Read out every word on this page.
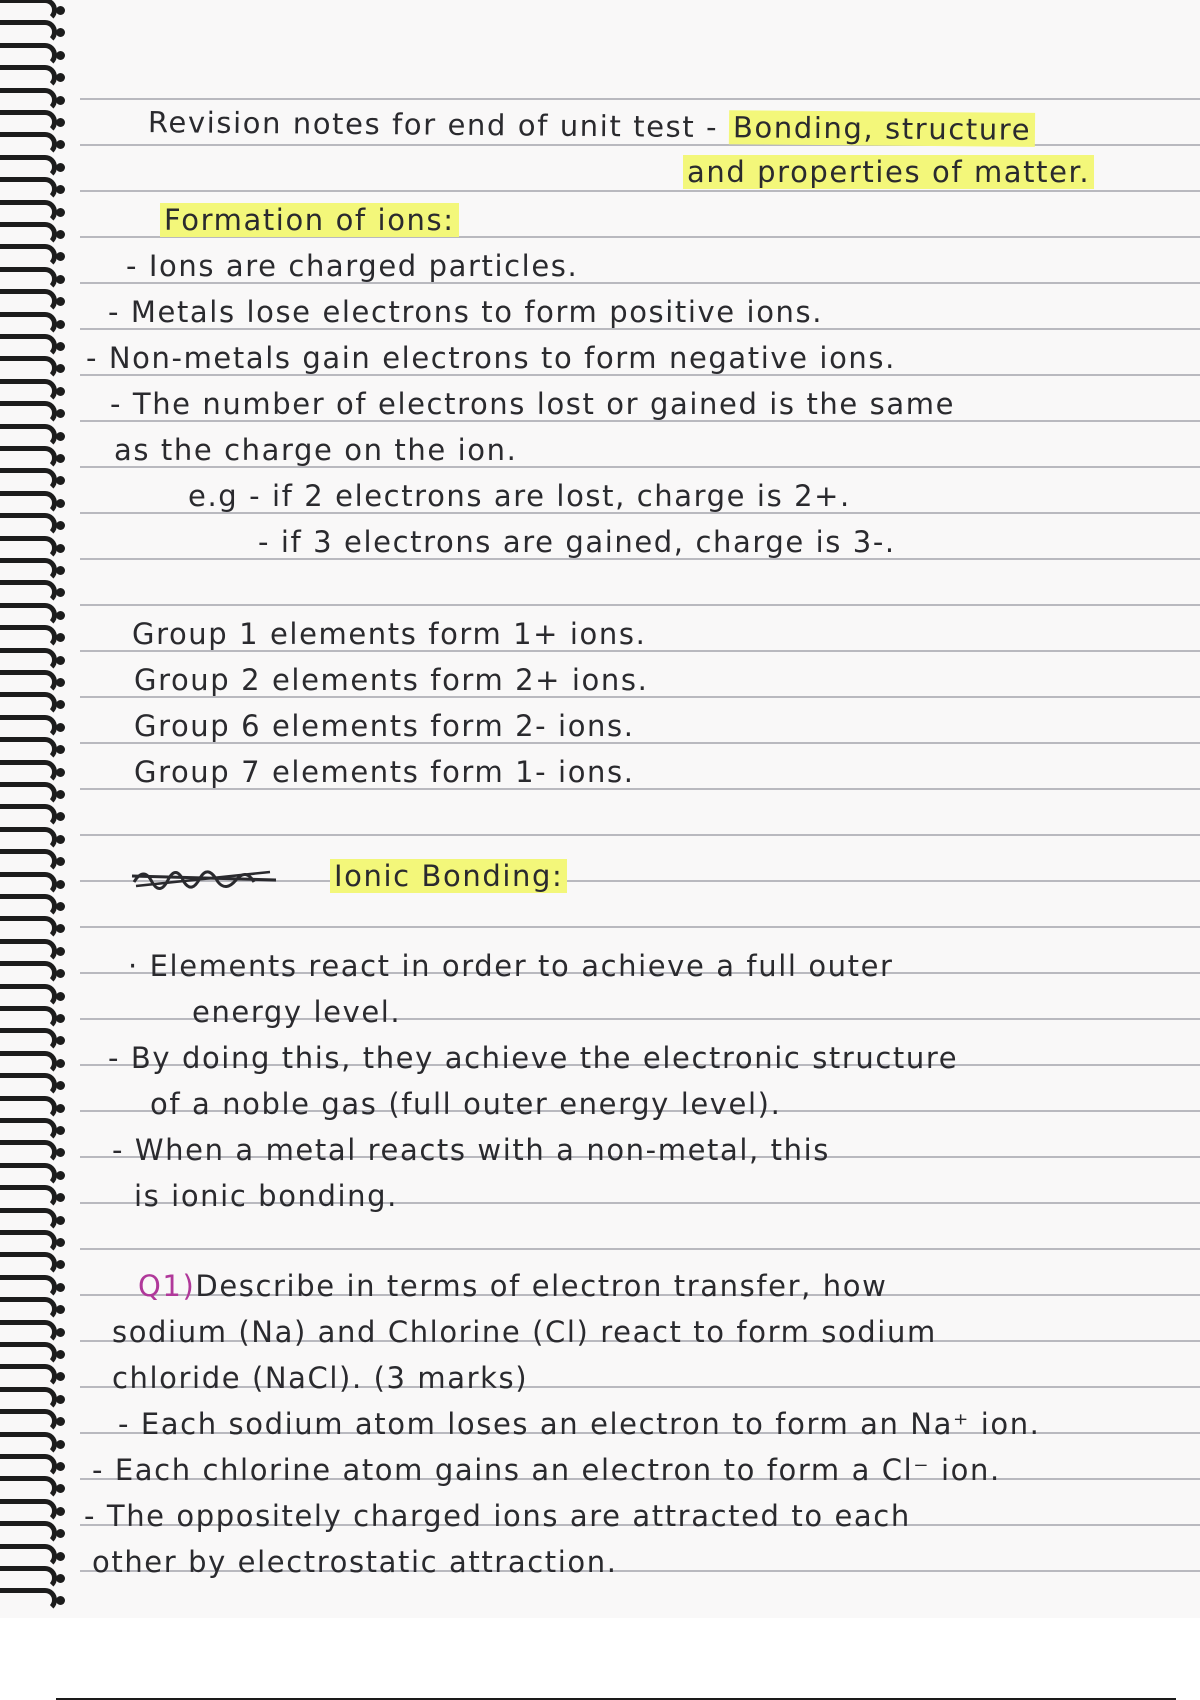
Revision notes for end of unit test - Bonding, structure
and properties of matter.
Formation of ions:
- Ions are charged particles.
- Metals lose electrons to form positive ions.
- Non-metals gain electrons to form negative ions.
- The number of electrons lost or gained is the same
as the charge on the ion.
e.g - if 2 electrons are lost, charge is 2+.
- if 3 electrons are gained, charge is 3-.
Group 1 elements form 1+ ions.
Group 2 elements form 2+ ions.
Group 6 elements form 2- ions.
Group 7 elements form 1- ions.
Ionic Bonding:
· Elements react in order to achieve a full outer
energy level.
- By doing this, they achieve the electronic structure
of a noble gas (full outer energy level).
- When a metal reacts with a non-metal, this
is ionic bonding.
Q1)Describe in terms of electron transfer, how
sodium (Na) and Chlorine (Cl) react to form sodium
chloride (NaCl). (3 marks)
- Each sodium atom loses an electron to form an Na⁺ ion.
- Each chlorine atom gains an electron to form a Cl⁻ ion.
- The oppositely charged ions are attracted to each
other by electrostatic attraction.
